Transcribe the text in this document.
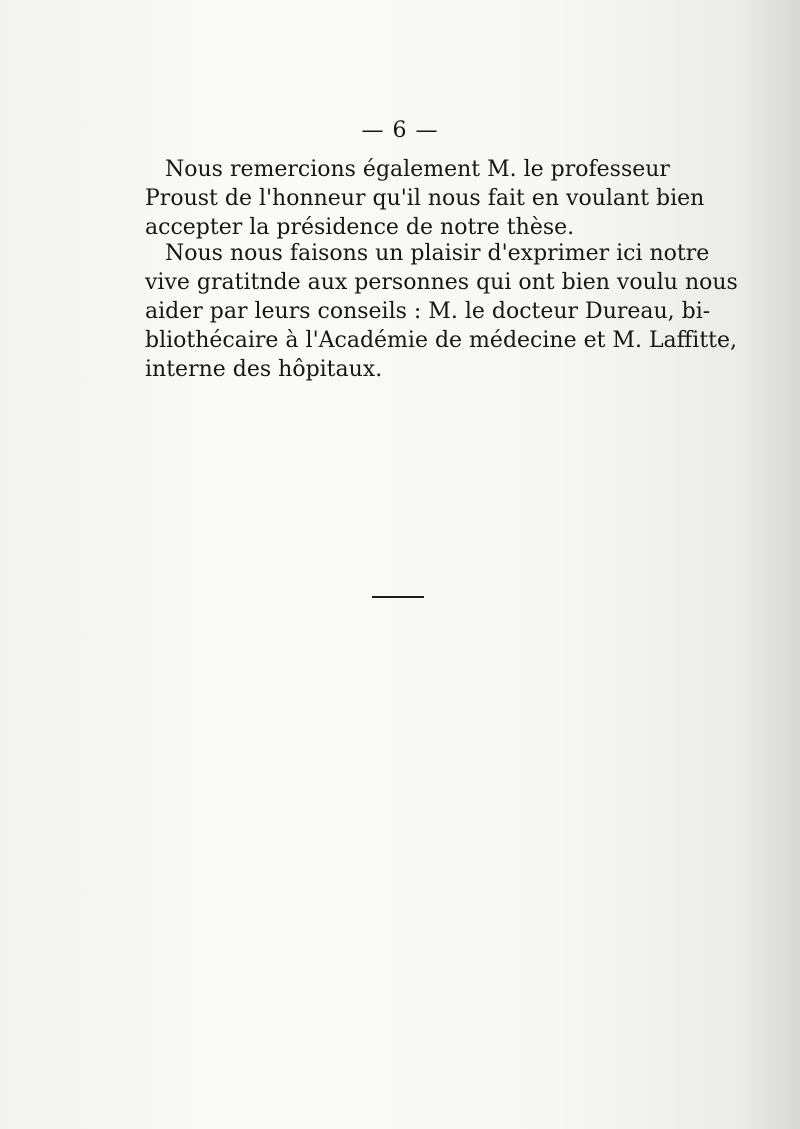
— 6 —
Nous remercions également M. le professeur
Proust de l'honneur qu'il nous fait en voulant bien
accepter la présidence de notre thèse.
Nous nous faisons un plaisir d'exprimer ici notre
vive gratitnde aux personnes qui ont bien voulu nous
aider par leurs conseils : M. le docteur Dureau, bi-
bliothécaire à l'Académie de médecine et M. Laffitte,
interne des hôpitaux.
